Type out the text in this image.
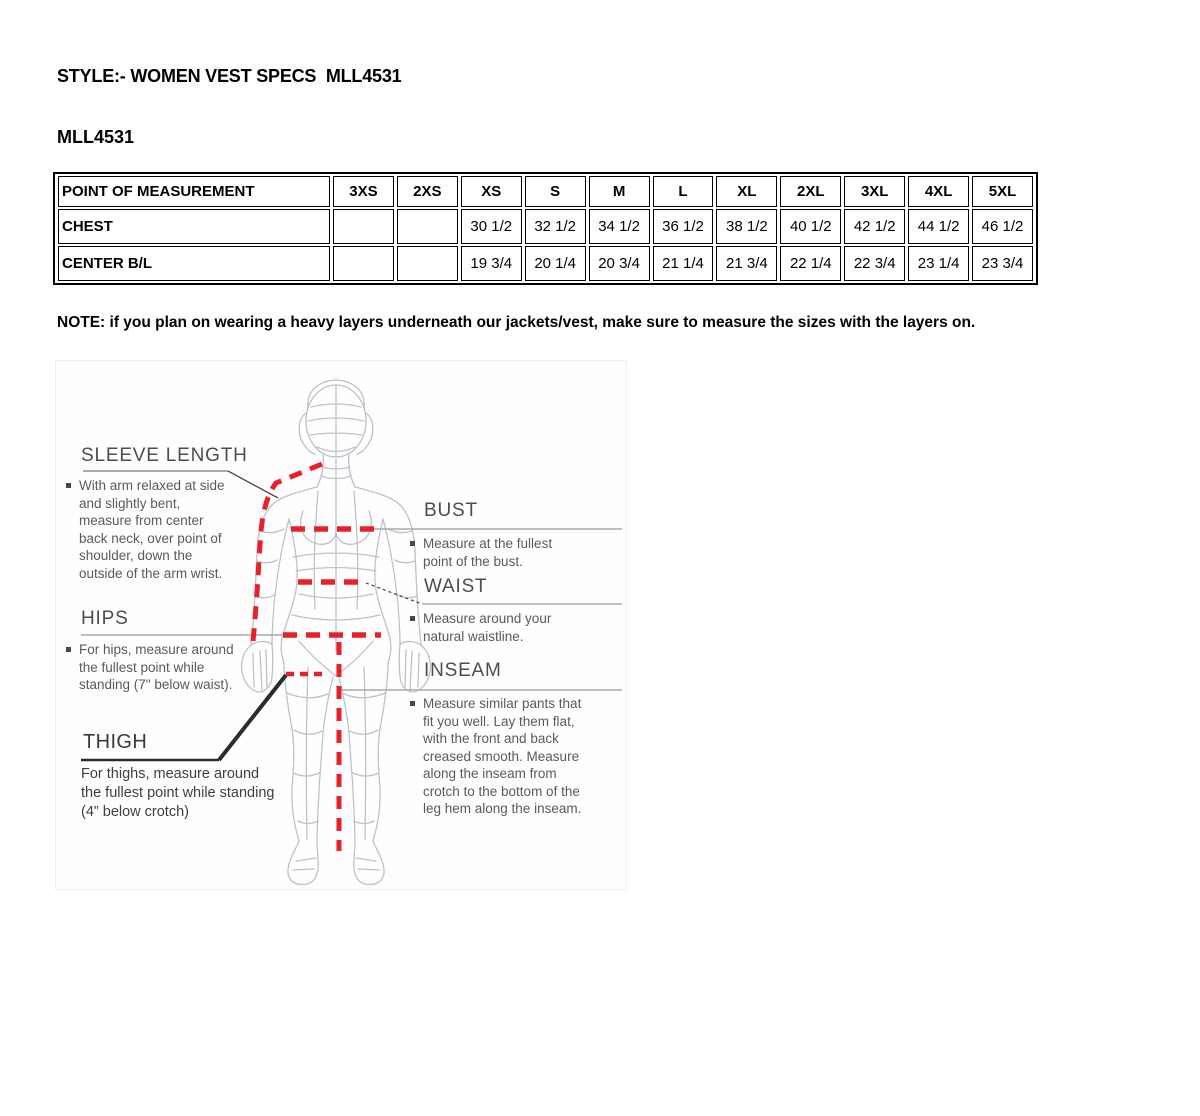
STYLE:- WOMEN VEST SPECS  MLL4531
MLL4531
POINT OF MEASUREMENT	3XS	2XS	XS	S	M	L	XL	2XL	3XL	4XL	5XL
CHEST			30 1/2	32 1/2	34 1/2	36 1/2	38 1/2	40 1/2	42 1/2	44 1/2	46 1/2
CENTER B/L			19 3/4	20 1/4	20 3/4	21 1/4	21 3/4	22 1/4	22 3/4	23 1/4	23 3/4
NOTE: if you plan on wearing a heavy layers underneath our jackets/vest, make sure to measure the sizes with the layers on.
SLEEVE LENGTH
With arm relaxed at side and slightly bent, measure from center back neck, over point of shoulder, down the outside of the arm wrist.
HIPS
For hips, measure around the fullest point while standing (7" below waist).
THIGH
For thighs, measure around the fullest point while standing (4” below crotch)
BUST
Measure at the fullest point of the bust.
WAIST
Measure around your natural waistline.
INSEAM
Measure similar pants that fit you well. Lay them flat, with the front and back creased smooth. Measure along the inseam from crotch to the bottom of the leg hem along the inseam.
